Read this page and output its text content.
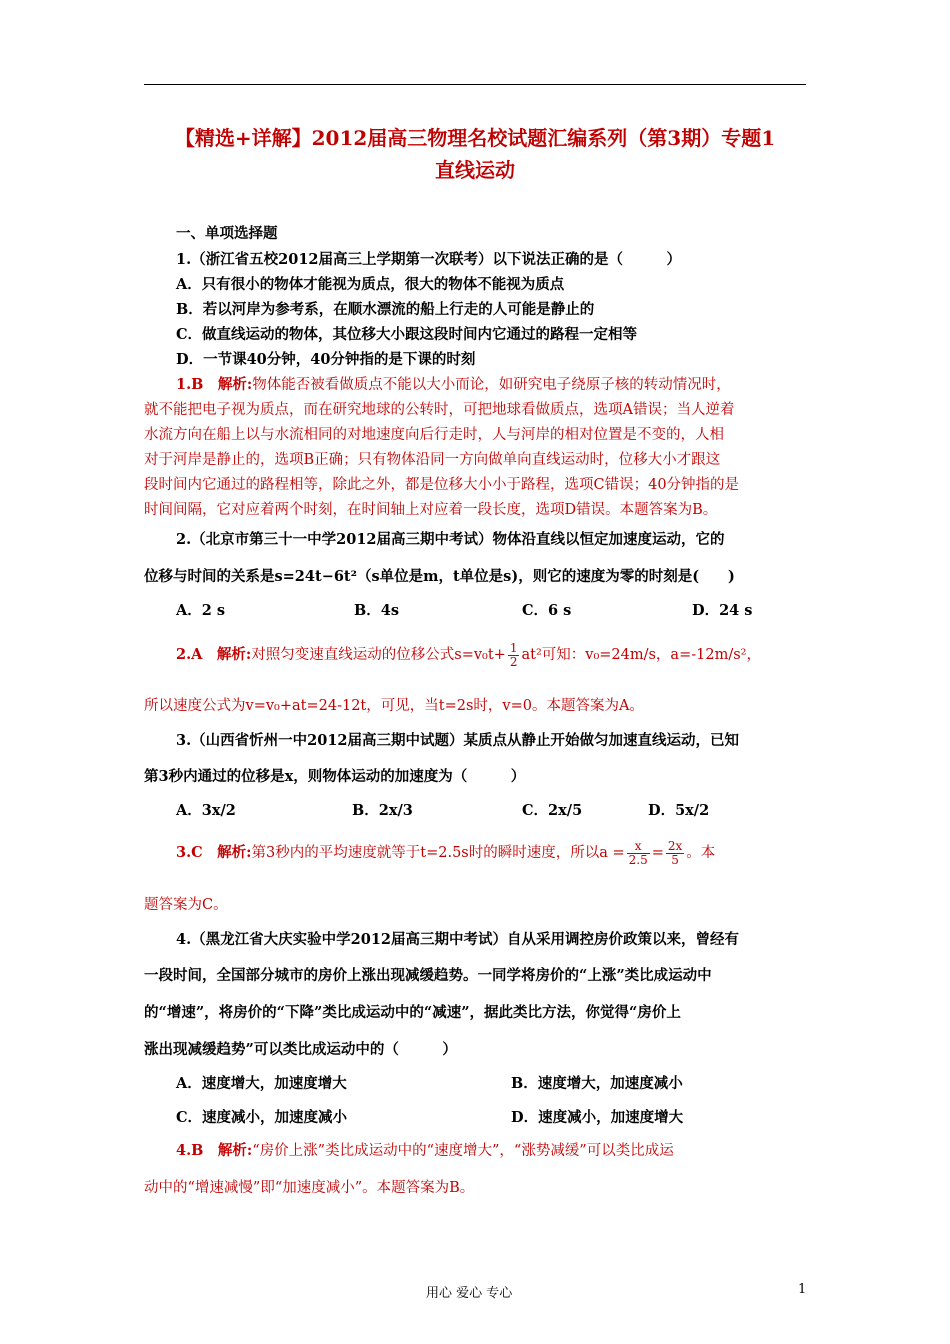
【精选+详解】2012届高三物理名校试题汇编系列（第3期）专题1
直线运动
一、单项选择题
1.（浙江省五校2012届高三上学期第一次联考）以下说法正确的是（　　　）
A．只有很小的物体才能视为质点，很大的物体不能视为质点
B．若以河岸为参考系，在顺水漂流的船上行走的人可能是静止的
C．做直线运动的物体，其位移大小跟这段时间内它通过的路程一定相等
D．一节课40分钟，40分钟指的是下课的时刻
1.B　解析:物体能否被看做质点不能以大小而论，如研究电子绕原子核的转动情况时，
就不能把电子视为质点，而在研究地球的公转时，可把地球看做质点，选项A错误；当人逆着
水流方向在船上以与水流相同的对地速度向后行走时，人与河岸的相对位置是不变的，人相
对于河岸是静止的，选项B正确；只有物体沿同一方向做单向直线运动时，位移大小才跟这
段时间内它通过的路程相等，除此之外，都是位移大小小于路程，选项C错误；40分钟指的是
时间间隔，它对应着两个时刻，在时间轴上对应着一段长度，选项D错误。本题答案为B。
2.（北京市第三十一中学2012届高三期中考试）物体沿直线以恒定加速度运动，它的
位移与时间的关系是s=24t−6t²（s单位是m，t单位是s)，则它的速度为零的时刻是(　　)
A．2 s	B．4s	C．6 s	D．24 s
2.A　解析:对照匀变速直线运动的位移公式$s=v_0t+ \frac{1}{2} at^2$可知：v₀=24m/s，a=-12m/s²，
所以速度公式为v=v₀+at=24-12t，可见，当t=2s时，v=0。本题答案为A。
3.（山西省忻州一中2012届高三期中试题）某质点从静止开始做匀加速直线运动，已知
第3秒内通过的位移是x，则物体运动的加速度为（　　　）
A．3x/2	B．2x/3	C．2x/5	D．5x/2
3.C　解析:第3秒内的平均速度就等于t=2.5s时的瞬时速度，所以$a = \frac{x}{2.5} = \frac{2x}{5}$ 。本
题答案为C。
4.（黑龙江省大庆实验中学2012届高三期中考试）自从采用调控房价政策以来，曾经有
一段时间，全国部分城市的房价上涨出现减缓趋势。一同学将房价的“上涨”类比成运动中
的“增速”，将房价的“下降”类比成运动中的“减速”，据此类比方法，你觉得“房价上
涨出现减缓趋势”可以类比成运动中的（　　　）
A．速度增大，加速度增大	B．速度增大，加速度减小
C．速度减小，加速度减小	D．速度减小，加速度增大
4.B　解析:“房价上涨”类比成运动中的“速度增大”，“涨势减缓”可以类比成运
动中的“增速减慢”即“加速度减小”。本题答案为B。
用心 爱心 专心	1
